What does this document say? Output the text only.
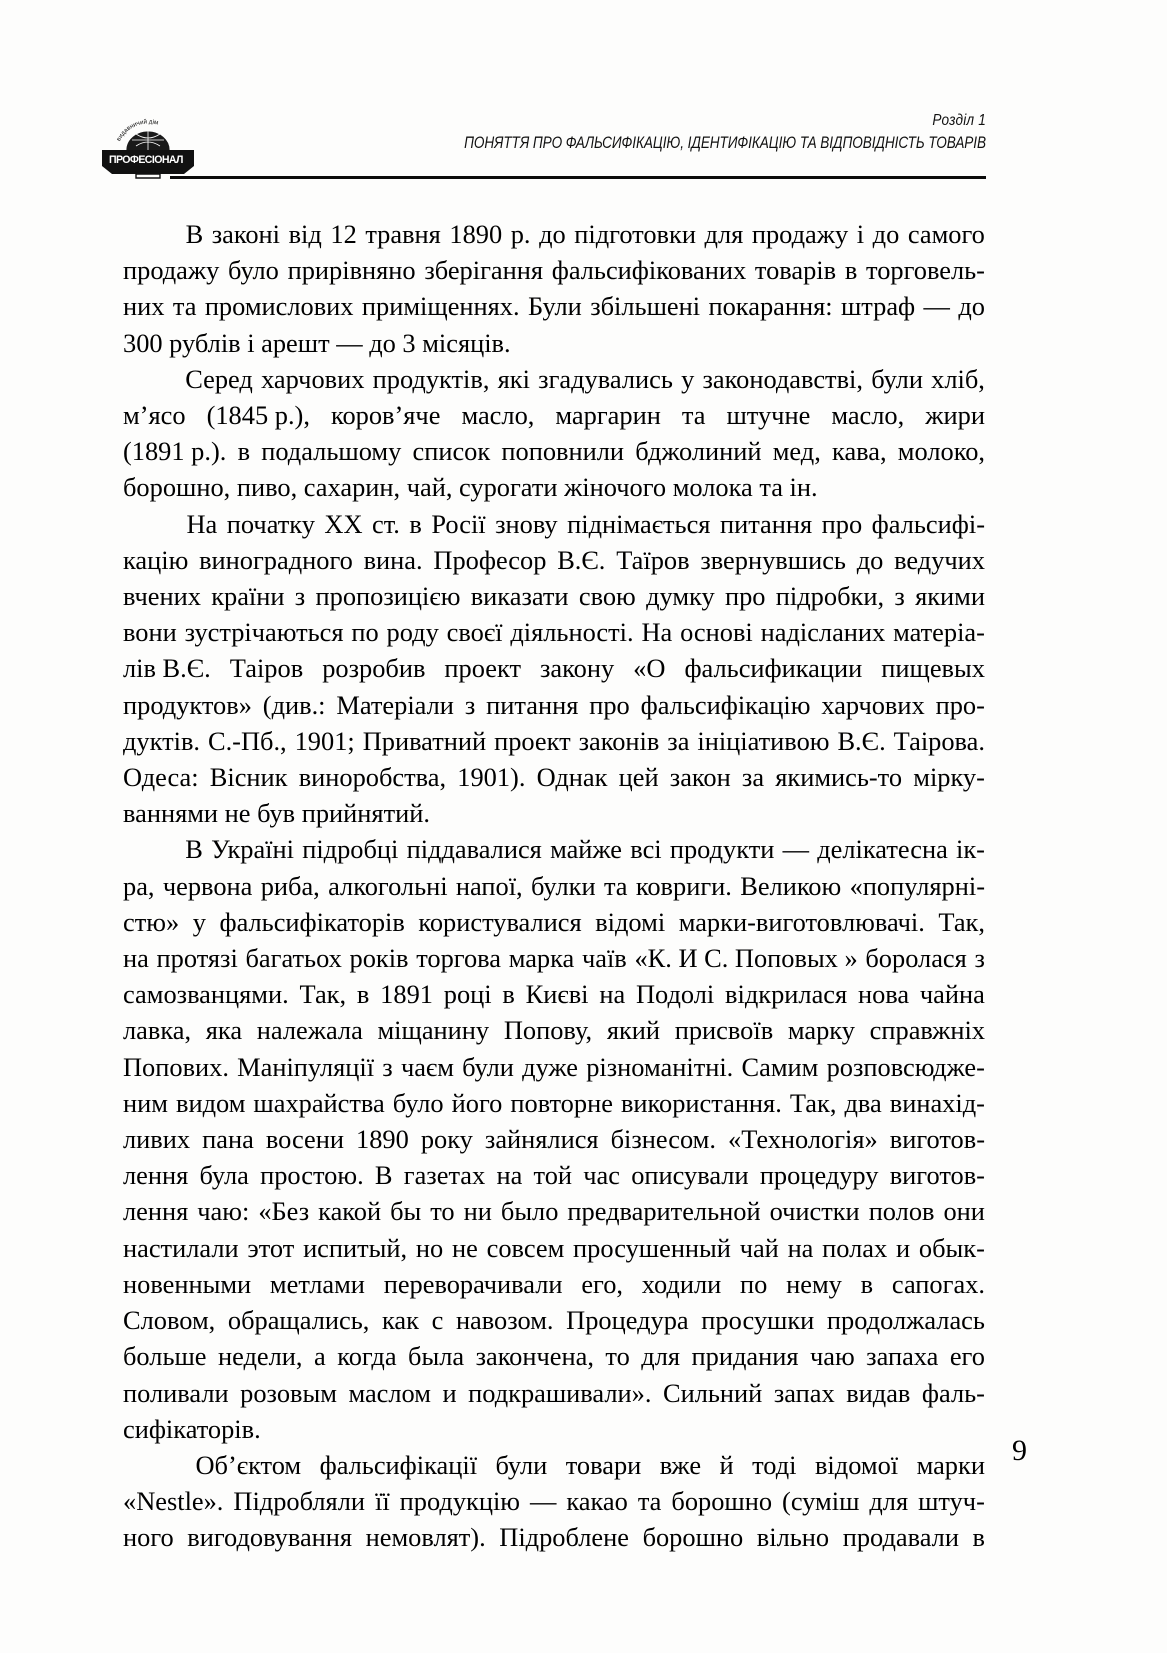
видавничий дім
ПРОФЕСІОНАЛ
Розділ 1
ПОНЯТТЯ ПРО ФАЛЬСИФІКАЦІЮ, ІДЕНТИФІКАЦІЮ ТА ВІДПОВІДНІСТЬ ТОВАРІВ
В законі від 12 травня 1890 р. до підготовки для продажу і до самого
продажу було прирівняно зберігання фальсифікованих товарів в торговель-
них та промислових приміщеннях. Були збільшені покарання: штраф — до
300 рублів і арешт — до 3 місяців.
Серед харчових продуктів, які згадувались у законодавстві, були хліб,
м’ясо (1845 р.), коров’яче масло, маргарин та штучне масло, жири
(1891 р.). в подальшому список поповнили бджолиний мед, кава, молоко,
борошно, пиво, сахарин, чай, сурогати жіночого молока та ін.
На початку ХХ ст. в Росії знову піднімається питання про фальсифі-
кацію виноградного вина. Професор В.Є. Таїров звернувшись до ведучих
вчених країни з пропозицією виказати свою думку про підробки, з якими
вони зустрічаються по роду своєї діяльності. На основі надісланих матеріа-
лів В.Є. Таіров розробив проект закону «О фальсификации пищевых
продуктов» (див.: Матеріали з питання про фальсифікацію харчових про-
дуктів. С.-Пб., 1901; Приватний проект законів за ініціативою В.Є. Таірова.
Одеса: Вісник виноробства, 1901). Однак цей закон за якимись-то мірку-
ваннями не був прийнятий.
В Україні підробці піддавалися майже всі продукти — делікатесна ік-
ра, червона риба, алкогольні напої, булки та ковриги. Великою «популярні-
стю» у фальсифікаторів користувалися відомі марки-виготовлювачі. Так,
на протязі багатьох років торгова марка чаїв «К. И С. Поповых » боролася з
самозванцями. Так, в 1891 році в Києві на Подолі відкрилася нова чайна
лавка, яка належала міщанину Попову, який присвоїв марку справжніх
Попових. Маніпуляції з чаєм були дуже різноманітні. Самим розповсюдже-
ним видом шахрайства було його повторне використання. Так, два винахід-
ливих пана восени 1890 року зайнялися бізнесом. «Технологія» виготов-
лення була простою. В газетах на той час описували процедуру виготов-
лення чаю: «Без какой бы то ни было предварительной очистки полов они
настилали этот испитый, но не совсем просушенный чай на полах и обык-
новенными метлами переворачивали его, ходили по нему в сапогах.
Словом, обращались, как с навозом. Процедура просушки продолжалась
больше недели, а когда была закончена, то для придания чаю запаха его
поливали розовым маслом и подкрашивали». Сильний запах видав фаль-
сифікаторів.
Об’єктом фальсифікації були товари вже й тоді відомої марки
«Nestle». Підробляли її продукцію — какао та борошно (суміш для штуч-
ного вигодовування немовлят). Підроблене борошно вільно продавали в
9
